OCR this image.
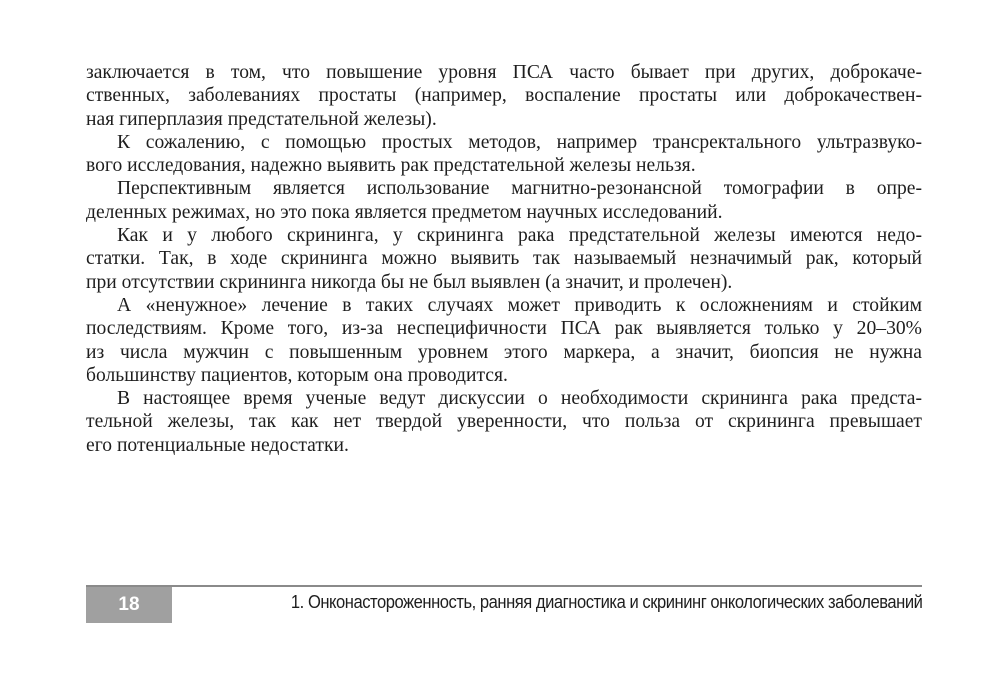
заключается в том, что повышение уровня ПСА часто бывает при других, доброкаче-
ственных, заболеваниях простаты (например, воспаление простаты или доброкачествен-
ная гиперплазия предстательной железы).

К сожалению, с помощью простых методов, например трансректального ультразвуко-
вого исследования, надежно выявить рак предстательной железы нельзя.

Перспективным является использование магнитно-резонансной томографии в опре-
деленных режимах, но это пока является предметом научных исследований.

Как и у любого скрининга, у скрининга рака предстательной железы имеются недо-
статки. Так, в ходе скрининга можно выявить так называемый незначимый рак, который
при отсутствии скрининга никогда бы не был выявлен (а значит, и пролечен).

А «ненужное» лечение в таких случаях может приводить к осложнениям и стойким
последствиям. Кроме того, из-за неспецифичности ПСА рак выявляется только у 20–30%
из числа мужчин с повышенным уровнем этого маркера, а значит, биопсия не нужна
большинству пациентов, которым она проводится.

В настоящее время ученые ведут дискуссии о необходимости скрининга рака предста-
тельной железы, так как нет твердой уверенности, что польза от скрининга превышает
его потенциальные недостатки.

18	1. Онконастороженность, ранняя диагностика и скрининг онкологических заболеваний
